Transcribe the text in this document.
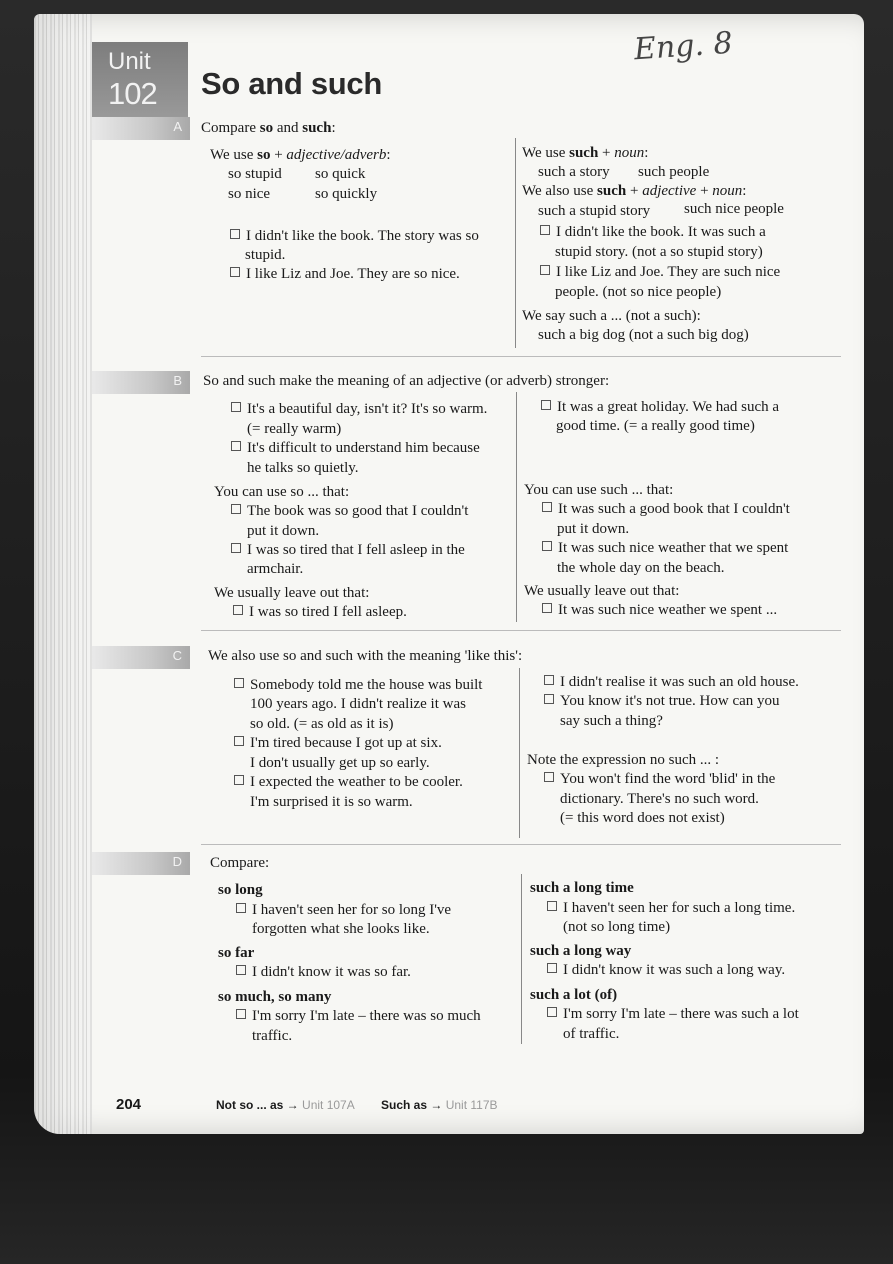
Unit
102 So and such
Eng. 8
A Compare so and such:
We use so + adjective/adverb:
so stupid so quick
so nice	so quickly
I didn't like the book. The story was so
stupid.
I like Liz and Joe. They are so nice.
We use such + noun:
such a story such people
We also use such + adjective + noun:
such a stupid story such nice people
I didn't like the book. It was such a
stupid story. (not a so stupid story)
I like Liz and Joe. They are such nice
people. (not so nice people)
We say such a ... (not a such):
such a big dog (not a such big dog)
B So and such make the meaning of an adjective (or adverb) stronger:
It's a beautiful day, isn't it? It's so warm.
(= really warm)
It's difficult to understand him because
he talks so quietly.
You can use so ... that:
The book was so good that I couldn't
put it down.
I was so tired that I fell asleep in the
armchair.
We usually leave out that:
I was so tired I fell asleep.
It was a great holiday. We had such a
good time. (= a really good time)
You can use such ... that:
It was such a good book that I couldn't
put it down.
It was such nice weather that we spent
the whole day on the beach.
We usually leave out that:
It was such nice weather we spent ...
C We also use so and such with the meaning 'like this':
Somebody told me the house was built
100 years ago. I didn't realize it was
so old. (= as old as it is)
I'm tired because I got up at six.
I don't usually get up so early.
I expected the weather to be cooler.
I'm surprised it is so warm.
I didn't realise it was such an old house.
You know it's not true. How can you
say such a thing?
Note the expression no such ... :
You won't find the word 'blid' in the
dictionary. There's no such word.
(= this word does not exist)
D Compare:
so long
I haven't seen her for so long I've
forgotten what she looks like.
so far
I didn't know it was so far.
so much, so many
I'm sorry I'm late – there was so much
traffic.
such a long time
I haven't seen her for such a long time.
(not so long time)
such a long way
I didn't know it was such a long way.
such a lot (of)
I'm sorry I'm late – there was such a lot
of traffic.
204	Not so ... as → Unit 107A Such as → Unit 117B
